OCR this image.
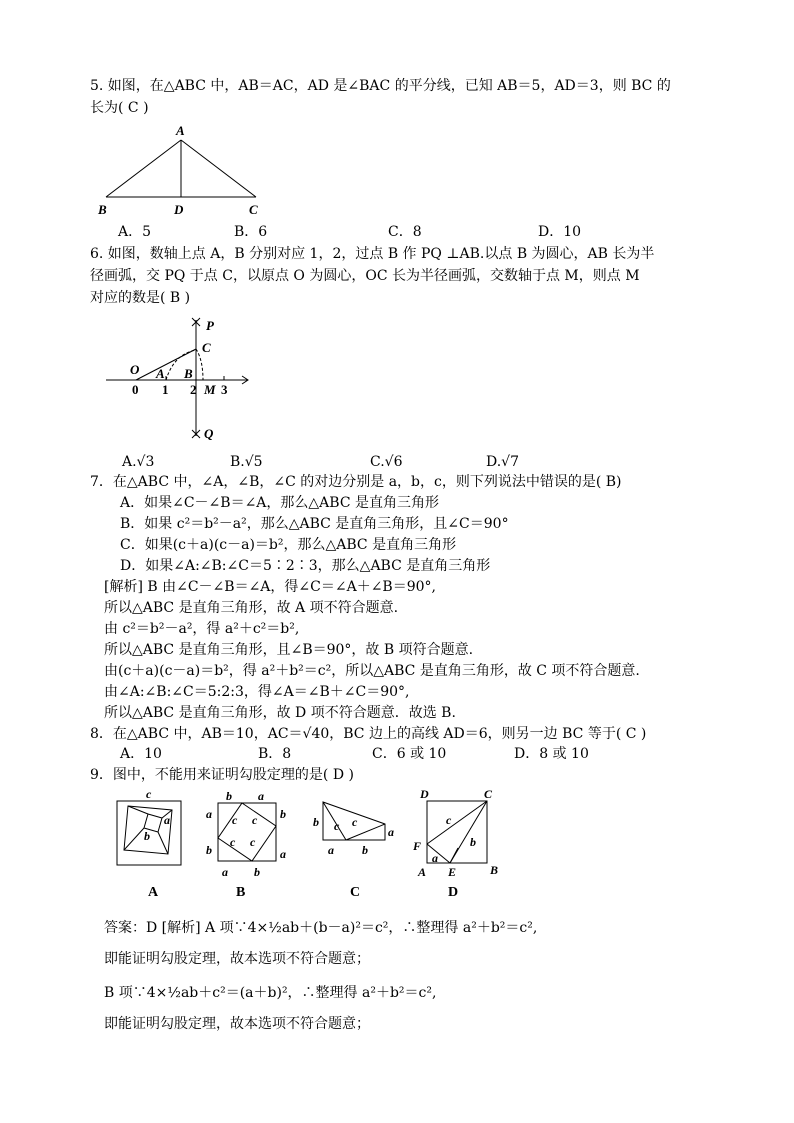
5. 如图，在△ABC 中，AB＝AC，AD 是∠BAC 的平分线，已知 AB＝5，AD＝3，则 BC 的
长为( C )
A
B	D	C
A．5	B．6	C．8	D．10
6. 如图，数轴上点 A，B 分别对应 1，2，过点 B 作 PQ ⊥AB.以点 B 为圆心，AB 长为半
径画弧，交 PQ 于点 C，以原点 O 为圆心，OC 长为半径画弧，交数轴于点 M，则点 M
对应的数是( B )
P
C
O A B
M
Q
0 1 2 3
A.√3	B.√5	C.√6	D.√7
7．在△ABC 中，∠A，∠B，∠C 的对边分别是 a，b，c，则下列说法中错误的是( B)
A．如果∠C－∠B＝∠A，那么△ABC 是直角三角形
B．如果 c²＝b²－a²，那么△ABC 是直角三角形，且∠C＝90°
C．如果(c＋a)(c－a)＝b²，那么△ABC 是直角三角形
D．如果∠A:∠B:∠C＝5∶2∶3，那么△ABC 是直角三角形
[解析] B 由∠C－∠B＝∠A，得∠C＝∠A＋∠B＝90°,
所以△ABC 是直角三角形，故 A 项不符合题意.
由 c²＝b²－a²，得 a²＋c²＝b²,
所以△ABC 是直角三角形，且∠B＝90°，故 B 项符合题意.
由(c＋a)(c－a)＝b²，得 a²＋b²＝c²，所以△ABC 是直角三角形，故 C 项不符合题意.
由∠A:∠B:∠C＝5:2:3，得∠A＝∠B＋∠C＝90°,
所以△ABC 是直角三角形，故 D 项不符合题意．故选 B.
8．在△ABC 中，AB＝10，AC＝√40，BC 边上的高线 AD＝6，则另一边 BC 等于( C )
A．10	B．8	C．6 或 10	D．8 或 10
9．图中，不能用来证明勾股定理的是( D )
c
a
b
A
b a
a
b
b
a
a b
c c
c c
B
b c c
a
a b
C
D	C
F
A E	B
c
b
a
D
答案：D [解析] A 项∵4×½ab＋(b－a)²＝c²，∴整理得 a²＋b²＝c²,
即能证明勾股定理，故本选项不符合题意；
B 项∵4×½ab＋c²＝(a＋b)²，∴整理得 a²＋b²＝c²,
即能证明勾股定理，故本选项不符合题意；
